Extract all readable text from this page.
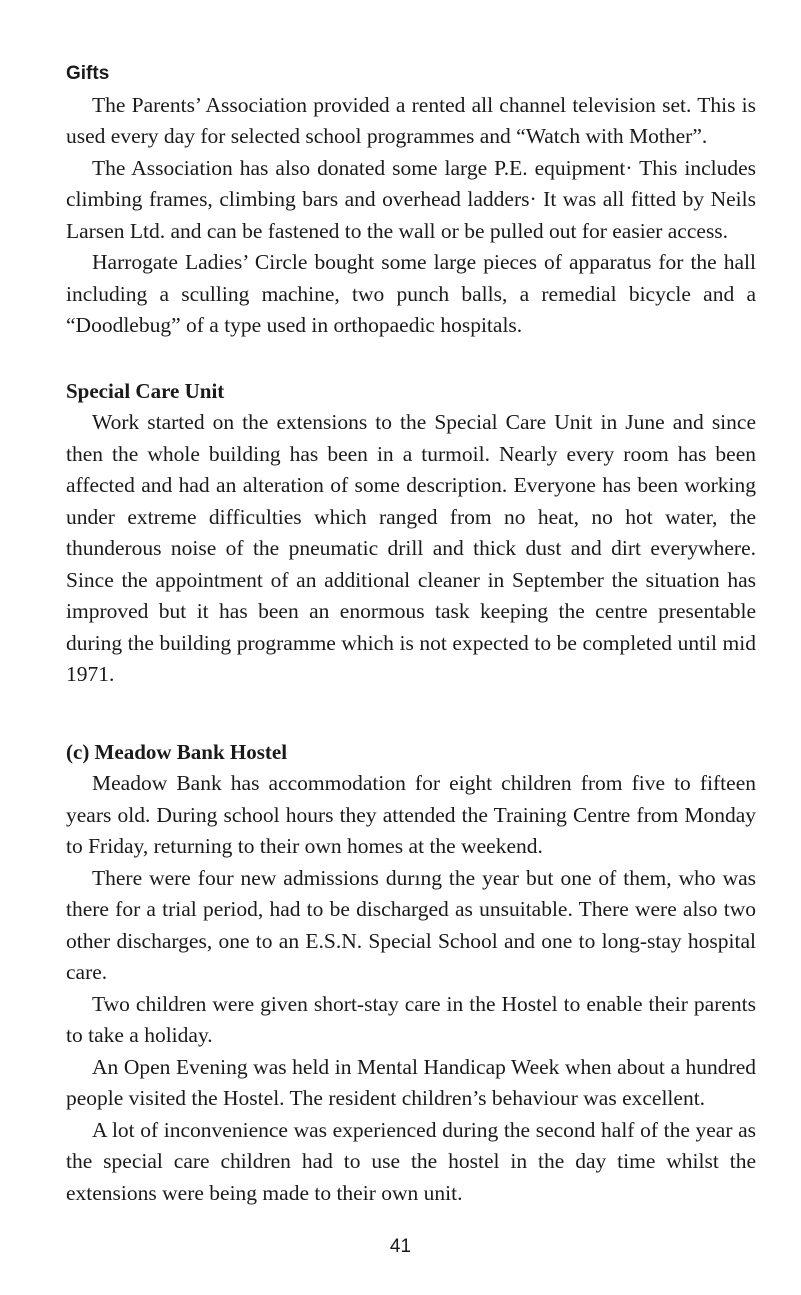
Gifts

The Parents’ Association provided a rented all channel television set. This is used every day for selected school programmes and “Watch with Mother”.

The Association has also donated some large P.E. equipment· This includes climbing frames, climbing bars and overhead ladders· It was all fitted by Neils Larsen Ltd. and can be fastened to the wall or be pulled out for easier access.

Harrogate Ladies’ Circle bought some large pieces of apparatus for the hall including a sculling machine, two punch balls, a remedial bicycle and a “Doodlebug” of a type used in orthopaedic hospitals.

Special Care Unit

Work started on the extensions to the Special Care Unit in June and since then the whole building has been in a turmoil. Nearly every room has been affected and had an alteration of some description. Everyone has been working under extreme difficulties which ranged from no heat, no hot water, the thunderous noise of the pneumatic drill and thick dust and dirt everywhere. Since the appointment of an additional cleaner in September the situation has improved but it has been an enormous task keeping the centre presentable during the building programme which is not expected to be completed until mid 1971.

(c) Meadow Bank Hostel

Meadow Bank has accommodation for eight children from five to fifteen years old. During school hours they attended the Training Centre from Monday to Friday, returning to their own homes at the weekend.

There were four new admissions durıng the year but one of them, who was there for a trial period, had to be discharged as unsuitable. There were also two other discharges, one to an E.S.N. Special School and one to long-stay hospital care.

Two children were given short-stay care in the Hostel to enable their parents to take a holiday.

An Open Evening was held in Mental Handicap Week when about a hundred people visited the Hostel. The resident children’s behaviour was excellent.

A lot of inconvenience was experienced during the second half of the year as the special care children had to use the hostel in the day time whilst the extensions were being made to their own unit.

41
